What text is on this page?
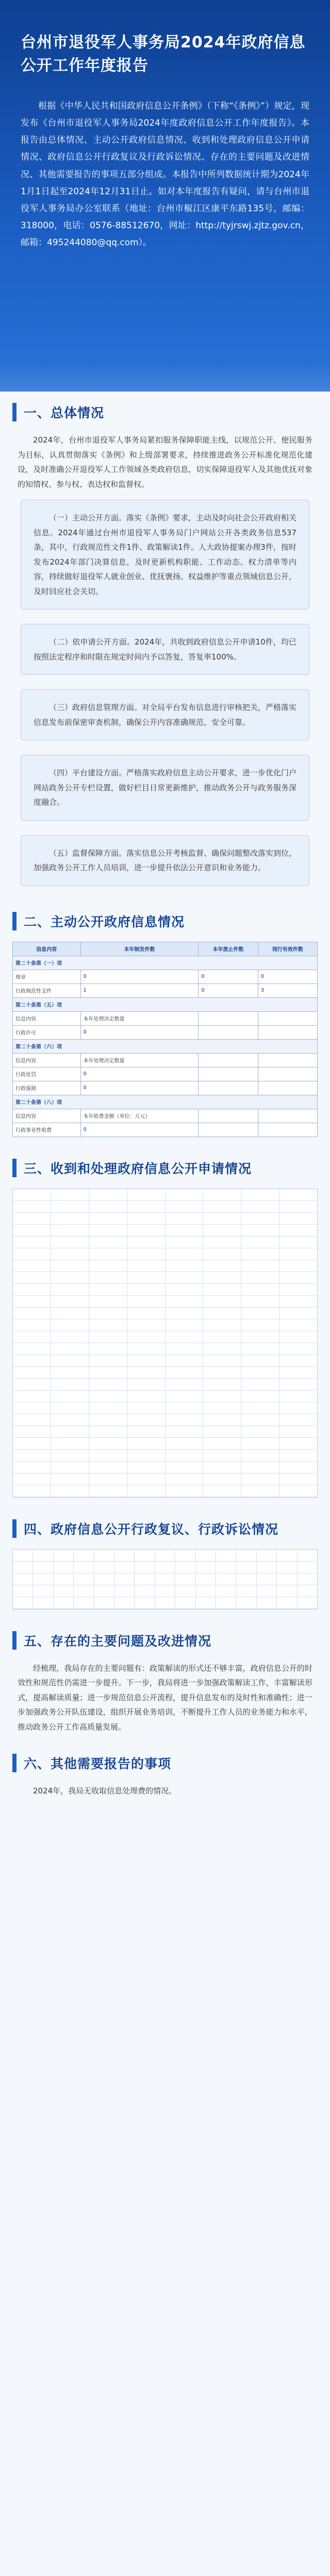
台州市退役军人事务局2024年政府信息公开工作年度报告

根据《中华人民共和国政府信息公开条例》（下称“《条例》”）规定，现发布《台州市退役军人事务局2024年度政府信息公开工作年度报告》。本报告由总体情况、主动公开政府信息情况、收到和处理政府信息公开申请情况、政府信息公开行政复议及行政诉讼情况、存在的主要问题及改进情况、其他需要报告的事项五部分组成。本报告中所列数据统计期为2024年1月1日起至2024年12月31日止。如对本年度报告有疑问，请与台州市退役军人事务局办公室联系（地址：台州市椒江区康平东路135号，邮编：318000，电话：0576-88512670，网址：http://tyjrswj.zjtz.gov.cn，邮箱：495244080@qq.com）。

一、总体情况

2024年，台州市退役军人事务局紧扣服务保障职能主线，以规范公开、便民服务为目标，认真贯彻落实《条例》和上级部署要求，持续推进政务公开标准化规范化建设，及时准确公开退役军人工作领域各类政府信息，切实保障退役军人及其他优抚对象的知情权、参与权、表达权和监督权。

（一）主动公开方面。落实《条例》要求，主动及时向社会公开政府相关信息。2024年通过台州市退役军人事务局门户网站公开各类政务信息537条，其中，行政规范性文件1件、政策解读1件。人大政协提案办理3件，按时发布2024年部门决算信息，及时更新机构职能、工作动态、权力清单等内容，持续做好退役军人就业创业、优抚褒扬、权益维护等重点领域信息公开，及时回应社会关切。
（二）依申请公开方面。2024年，共收到政府信息公开申请10件，均已按照法定程序和时限在规定时间内予以答复，答复率100%。
（三）政府信息管理方面。对全局平台发布信息进行审核把关，严格落实信息发布前保密审查机制，确保公开内容准确规范、安全可靠。
（四）平台建设方面。严格落实政府信息主动公开要求，进一步优化门户网站政务公开专栏设置，做好栏目日常更新维护，推动政务公开与政务服务深度融合。
（五）监督保障方面。落实信息公开考核监督、确保问题整改落实到位，加强政务公开工作人员培训，进一步提升依法公开意识和业务能力。
二、主动公开政府信息情况
信息内容	本年制发件数	本年废止件数	现行有效件数
第二十条第（一）项			
规章	0	0	0
行政规范性文件	1	0	3
第二十条第（五）项			
信息内容	本年处理决定数量		
行政许可	0		
第二十条第（六）项			
信息内容	本年处理决定数量		
行政处罚	0		
行政强制	0		
第二十条第（八）项			
信息内容	本年收费金额（单位：万元）		
行政事业性收费	0		
三、收到和处理政府信息公开申请情况
四、政府信息公开行政复议、行政诉讼情况
五、存在的主要问题及改进情况

经梳理，我局存在的主要问题有：政策解读的形式还不够丰富，政府信息公开的时效性和规范性仍需进一步提升。下一步，我局将进一步加强政策解读工作，丰富解读形式，提高解读质量；进一步规范信息公开流程，提升信息发布的及时性和准确性；进一步加强政务公开队伍建设，组织开展业务培训，不断提升工作人员的业务能力和水平，推动政务公开工作高质量发展。

六、其他需要报告的事项

2024年，我局无收取信息处理费的情况。
